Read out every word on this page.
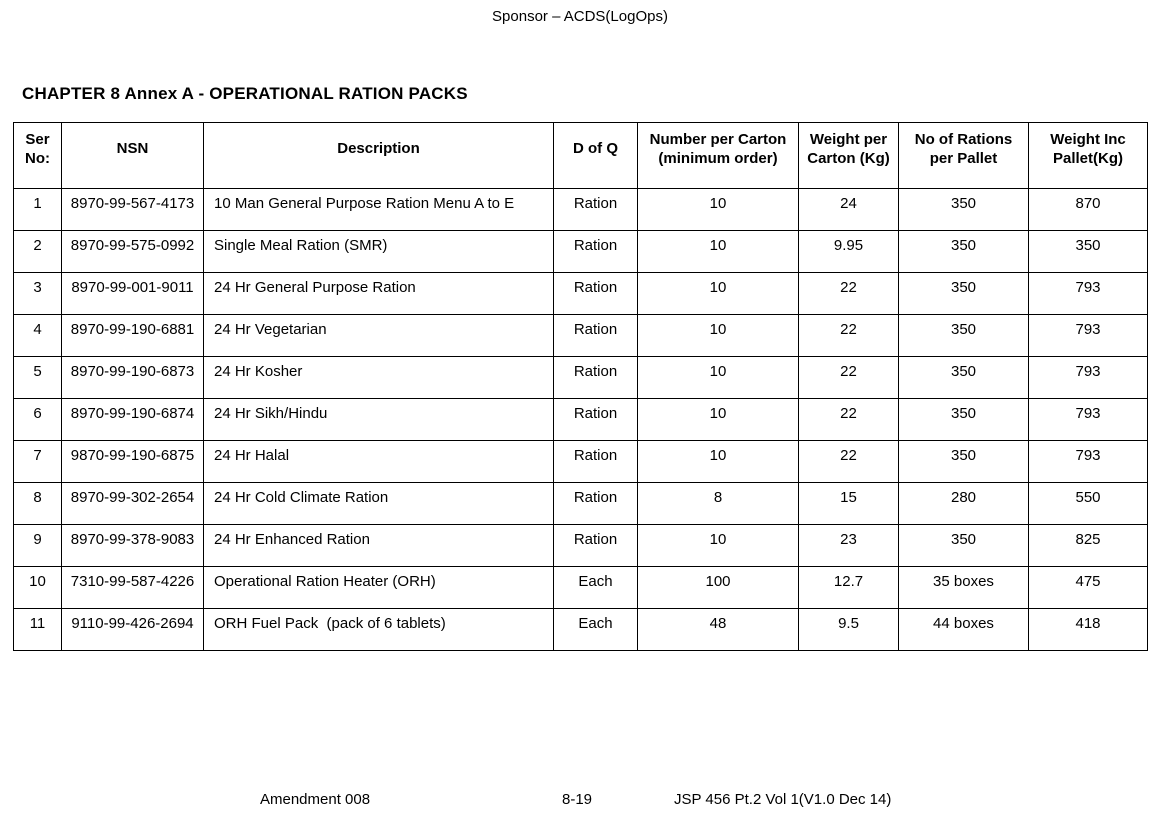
Sponsor – ACDS(LogOps)
CHAPTER 8 Annex A - OPERATIONAL RATION PACKS
Ser No:	NSN	Description	D of Q	Number per Carton (minimum order)	Weight per Carton (Kg)	No of Rations per Pallet	Weight Inc Pallet(Kg)
1	8970-99-567-4173	10 Man General Purpose Ration Menu A to E	Ration	10	24	350	870
2	8970-99-575-0992	Single Meal Ration (SMR)	Ration	10	9.95	350	350
3	8970-99-001-9011	24 Hr General Purpose Ration	Ration	10	22	350	793
4	8970-99-190-6881	24 Hr Vegetarian	Ration	10	22	350	793
5	8970-99-190-6873	24 Hr Kosher	Ration	10	22	350	793
6	8970-99-190-6874	24 Hr Sikh/Hindu	Ration	10	22	350	793
7	9870-99-190-6875	24 Hr Halal	Ration	10	22	350	793
8	8970-99-302-2654	24 Hr Cold Climate Ration	Ration	8	15	280	550
9	8970-99-378-9083	24 Hr Enhanced Ration	Ration	10	23	350	825
10	7310-99-587-4226	Operational Ration Heater (ORH)	Each	100	12.7	35 boxes	475
11	9110-99-426-2694	ORH Fuel Pack  (pack of 6 tablets)	Each	48	9.5	44 boxes	418
Amendment 008	8-19	JSP 456 Pt.2 Vol 1(V1.0 Dec 14)
